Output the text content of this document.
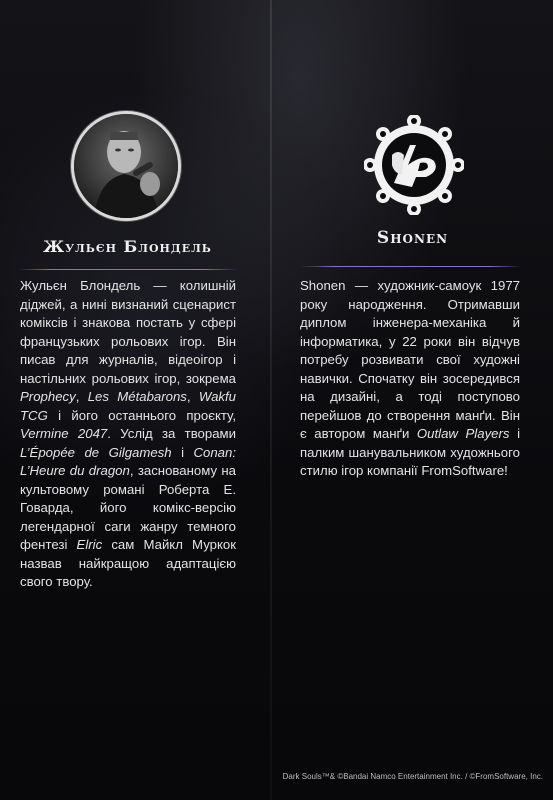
Жульєн Блондель	Shonen
Жульєн Блондель — колишній діджей, а нині визнаний сценарист коміксів і знакова постать у сфері французьких рольових ігор. Він писав для журналів, відеоігор і настільних рольових ігор, зокрема Prophecy, Les Métabarons, Wakfu TCG і його останнього проєкту, Vermine 2047. Услід за творами L’Épopée de Gilgamesh і Conan: L’Heure du dragon, заснованому на культовому романі Роберта Е. Говарда, його комікс-версію легендарної саги жанру темного фентезі Elric сам Майкл Муркок назвав найкращою адаптацією свого твору.
Shonen — художник-самоук 1977 року народження. Отримавши диплом інженера-механіка й інформатика, у 22 роки він відчув потребу розвивати свої художні навички. Спочатку він зосередився на дизайні, а тоді поступово перейшов до створення манґи. Він є автором манґи Outlaw Players і палким шанувальником художнього стилю ігор компанії FromSoftware!
Dark Souls™& ©Bandai Namco Entertainment Inc. / ©FromSoftware, Inc.
